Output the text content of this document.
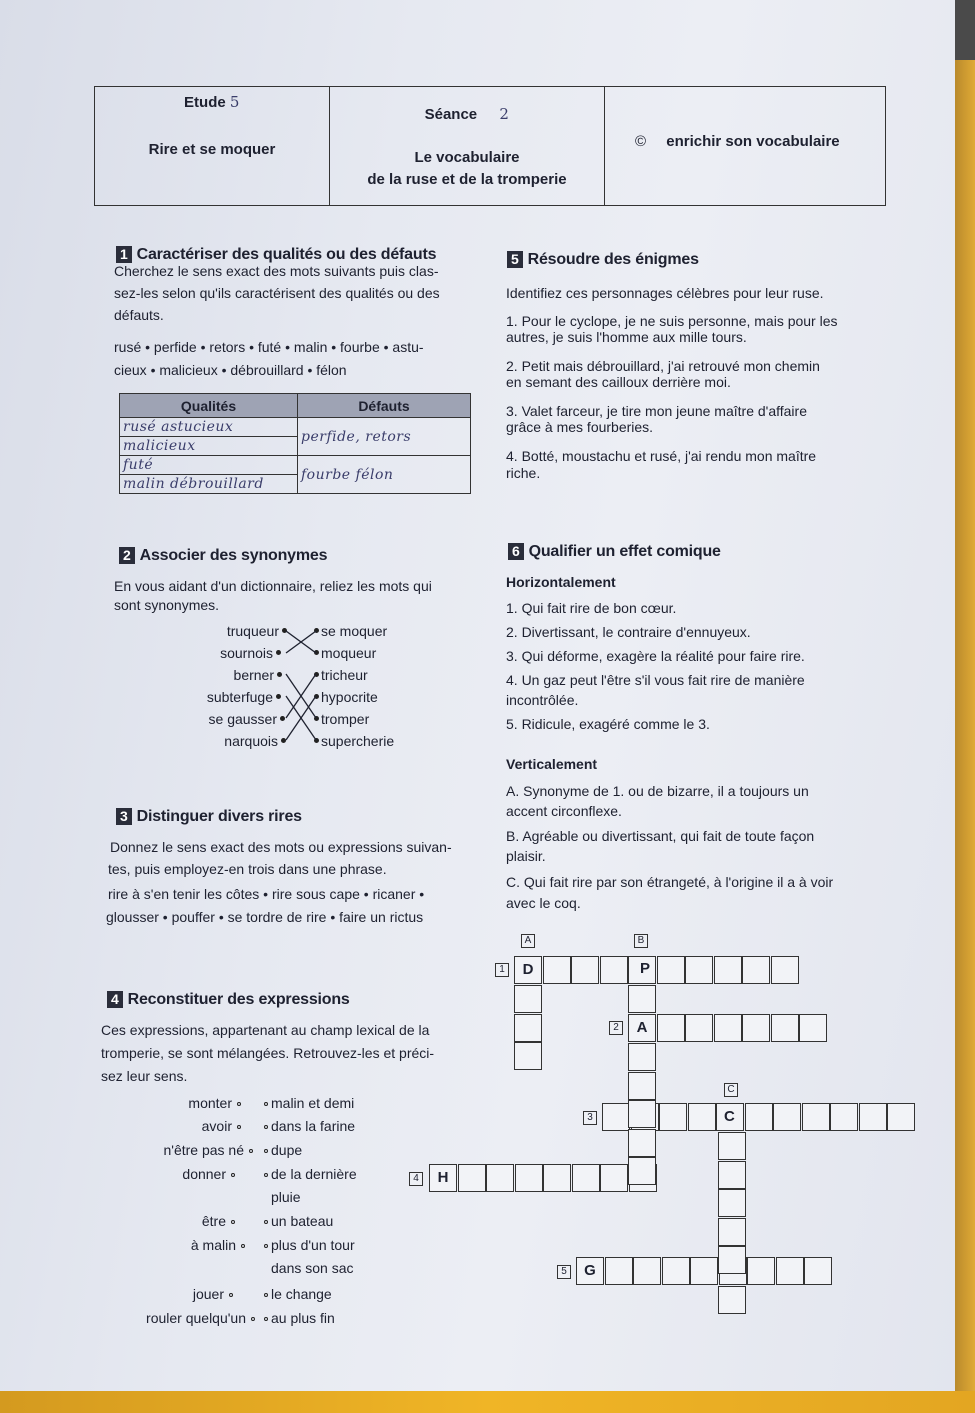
Etude 5
Rire et se moquer
Séance 2
Le vocabulaire
de la ruse et de la tromperie
© enrichir son vocabulaire
1 Caractériser des qualités ou des défauts
Cherchez le sens exact des mots suivants puis clas-
sez-les selon qu'ils caractérisent des qualités ou des
défauts.
rusé • perfide • retors • futé • malin • fourbe • astu-
cieux • malicieux • débrouillard • félon
Qualités	Défauts
rusé astucieux	perfide, retors
malicieux	
futé	fourbe félon
malin débrouillard	
2 Associer des synonymes
En vous aidant d'un dictionnaire, reliez les mots qui
sont synonymes.
truqueur
sournois
berner
subterfuge
se gausser
narquois
se moquer
moqueur
tricheur
hypocrite
tromper
supercherie
3 Distinguer divers rires
Donnez le sens exact des mots ou expressions suivan-
tes, puis employez-en trois dans une phrase.
rire à s'en tenir les côtes • rire sous cape • ricaner •
glousser • pouffer • se tordre de rire • faire un rictus
4 Reconstituer des expressions
Ces expressions, appartenant au champ lexical de la
tromperie, se sont mélangées. Retrouvez-les et préci-
sez leur sens.
monter
avoir
n'être pas né
donner
être
à malin
jouer
rouler quelqu'un
malin et demi
dans la farine
dupe
de la dernière
pluie
un bateau
plus d'un tour
dans son sac
le change
au plus fin
5 Résoudre des énigmes
Identifiez ces personnages célèbres pour leur ruse.
1. Pour le cyclope, je ne suis personne, mais pour les
autres, je suis l'homme aux mille tours.
2. Petit mais débrouillard, j'ai retrouvé mon chemin
en semant des cailloux derrière moi.
3. Valet farceur, je tire mon jeune maître d'affaire
grâce à mes fourberies.
4. Botté, moustachu et rusé, j'ai rendu mon maître
riche.
6 Qualifier un effet comique
Horizontalement
1. Qui fait rire de bon cœur.
2. Divertissant, le contraire d'ennuyeux.
3. Qui déforme, exagère la réalité pour faire rire.
4. Un gaz peut l'être s'il vous fait rire de manière
incontrôlée.
5. Ridicule, exagéré comme le 3.
Verticalement
A. Synonyme de 1. ou de bizarre, il a toujours un
accent circonflexe.
B. Agréable ou divertissant, qui fait de toute façon
plaisir.
C. Qui fait rire par son étrangeté, à l'origine il a à voir
avec le coq.
D
A
H
G
P
C
A	B
C
1
2
3
4
5
